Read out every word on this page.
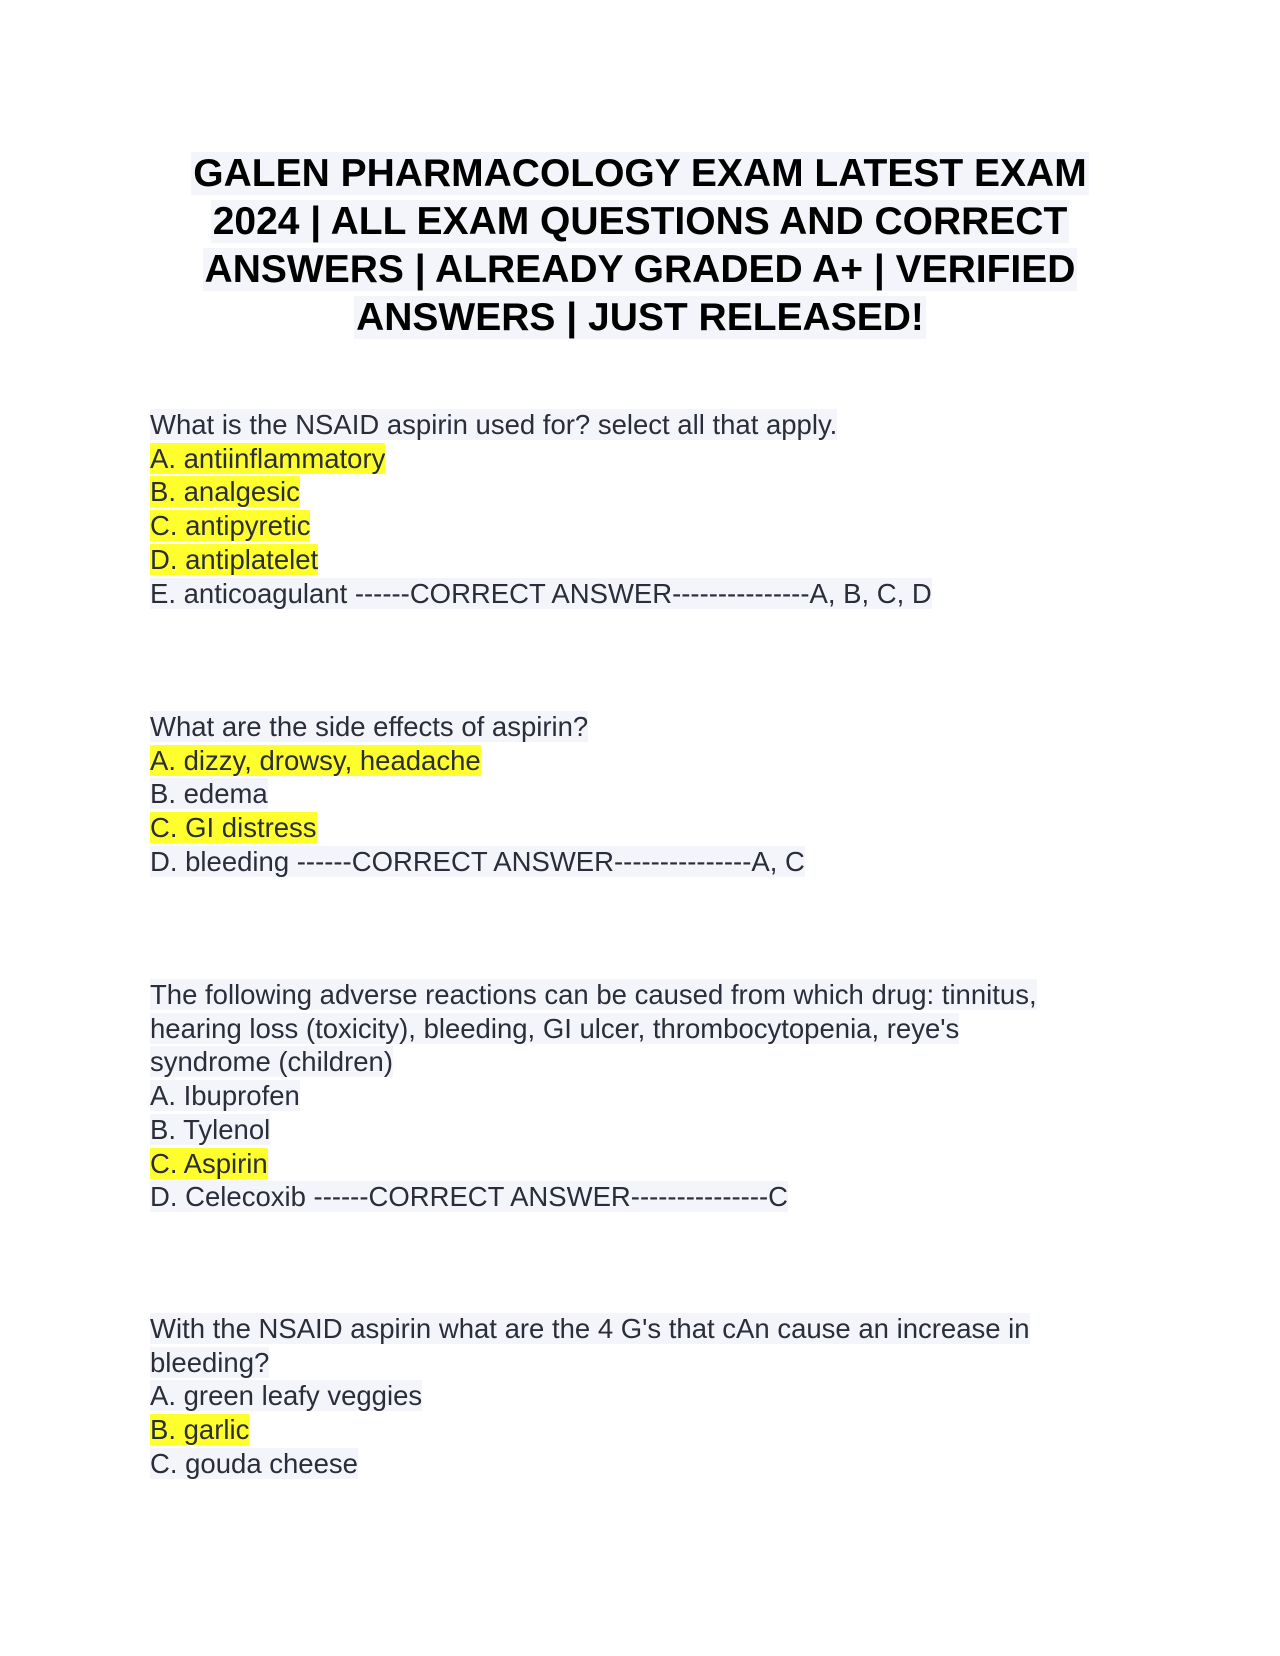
GALEN PHARMACOLOGY EXAM LATEST EXAM
2024 | ALL EXAM QUESTIONS AND CORRECT
ANSWERS | ALREADY GRADED A+ | VERIFIED
ANSWERS | JUST RELEASED!
What is the NSAID aspirin used for? select all that apply.
A. antiinflammatory
B. analgesic
C. antipyretic
D. antiplatelet
E. anticoagulant ------CORRECT ANSWER---------------A, B, C, D
What are the side effects of aspirin?
A. dizzy, drowsy, headache
B. edema
C. GI distress
D. bleeding ------CORRECT ANSWER---------------A, C
The following adverse reactions can be caused from which drug: tinnitus,
hearing loss (toxicity), bleeding, GI ulcer, thrombocytopenia, reye's
syndrome (children)
A. Ibuprofen
B. Tylenol
C. Aspirin
D. Celecoxib ------CORRECT ANSWER---------------C
With the NSAID aspirin what are the 4 G's that cAn cause an increase in
bleeding?
A. green leafy veggies
B. garlic
C. gouda cheese
